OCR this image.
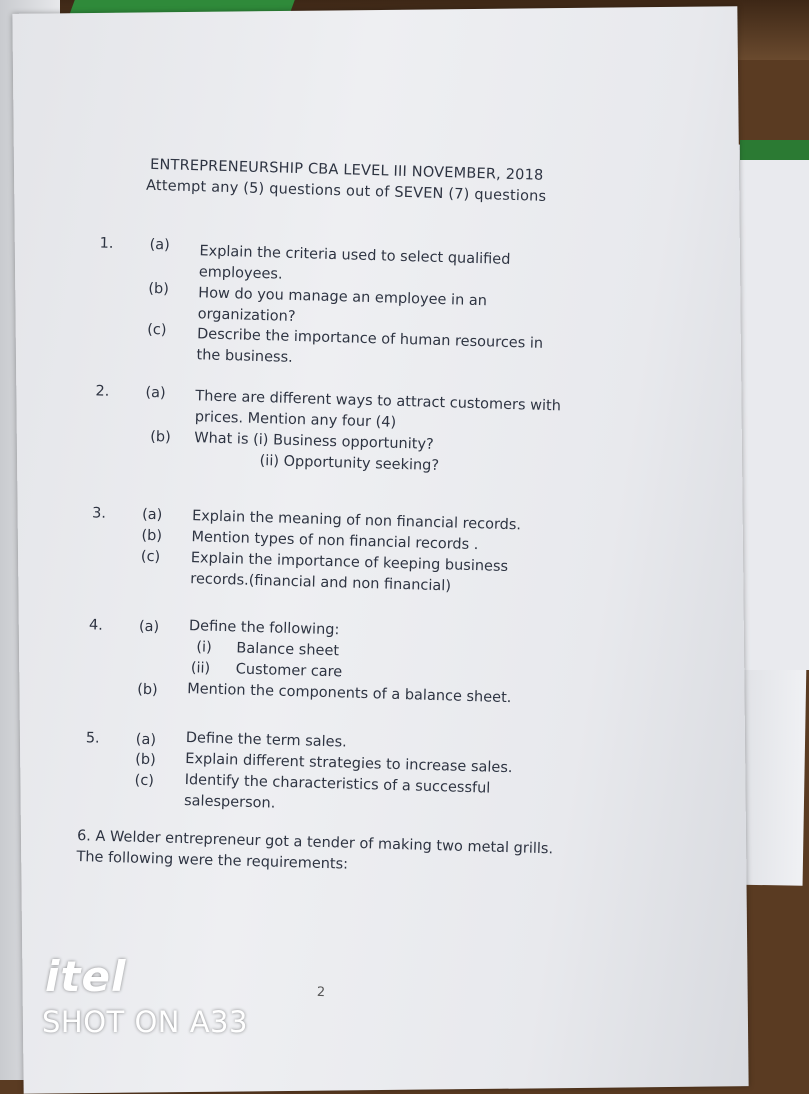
ENTREPRENEURSHIP CBA LEVEL III NOVEMBER, 2018
Attempt any (5) questions out of SEVEN (7) questions
1. (a) Explain the criteria used to select qualified employees.
(b) How do you manage an employee in an organization?
(c) Describe the importance of human resources in the business.
2. (a) There are different ways to attract customers with prices. Mention any four (4)
(b) What is (i) Business opportunity?
(ii) Opportunity seeking?
3. (a) Explain the meaning of non financial records.
(b) Mention types of non financial records .
(c) Explain the importance of keeping business records.(financial and non financial)
4. (a) Define the following:
(i) Balance sheet
(ii) Customer care
(b) Mention the components of a balance sheet.
5. (a) Define the term sales.
(b) Explain different strategies to increase sales.
(c) Identify the characteristics of a successful salesperson.
6. A Welder entrepreneur got a tender of making two metal grills. The following were the requirements:
2
itel
SHOT ON A33
